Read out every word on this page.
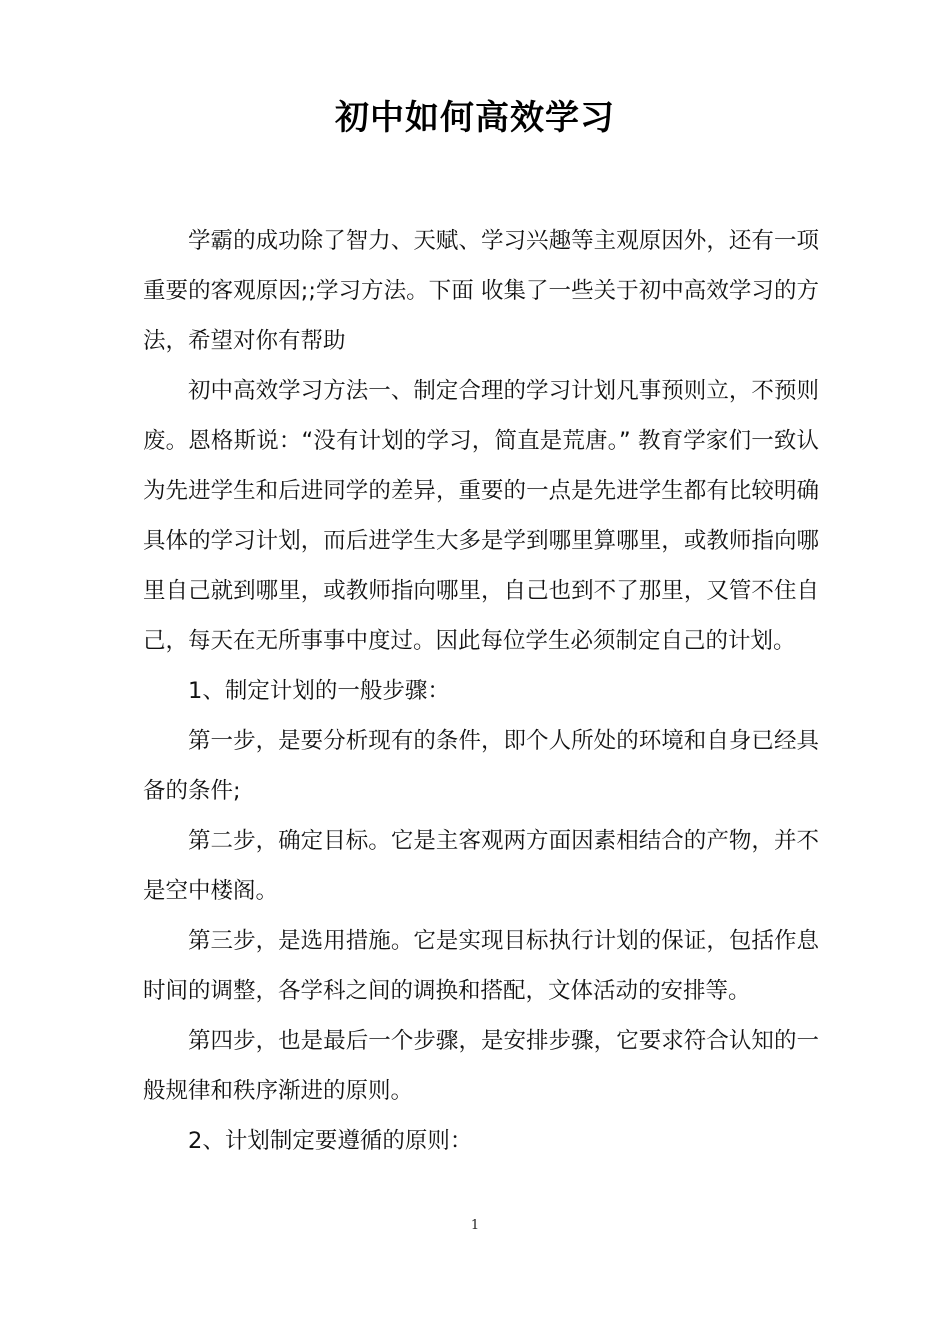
初中如何高效学习

学霸的成功除了智力、天赋、学习兴趣等主观原因外，还有一项重要的客观原因;;学习方法。下面 收集了一些关于初中高效学习的方法，希望对你有帮助

初中高效学习方法一、制定合理的学习计划凡事预则立，不预则废。恩格斯说：“没有计划的学习，简直是荒唐。” 教育学家们一致认为先进学生和后进同学的差异，重要的一点是先进学生都有比较明确具体的学习计划，而后进学生大多是学到哪里算哪里，或教师指向哪里自己就到哪里，或教师指向哪里，自己也到不了那里，又管不住自己，每天在无所事事中度过。因此每位学生必须制定自己的计划。

1、制定计划的一般步骤：

第一步，是要分析现有的条件，即个人所处的环境和自身已经具备的条件;

第二步，确定目标。它是主客观两方面因素相结合的产物，并不是空中楼阁。

第三步，是选用措施。它是实现目标执行计划的保证，包括作息时间的调整，各学科之间的调换和搭配，文体活动的安排等。

第四步，也是最后一个步骤，是安排步骤，它要求符合认知的一般规律和秩序渐进的原则。

2、计划制定要遵循的原则：

1
